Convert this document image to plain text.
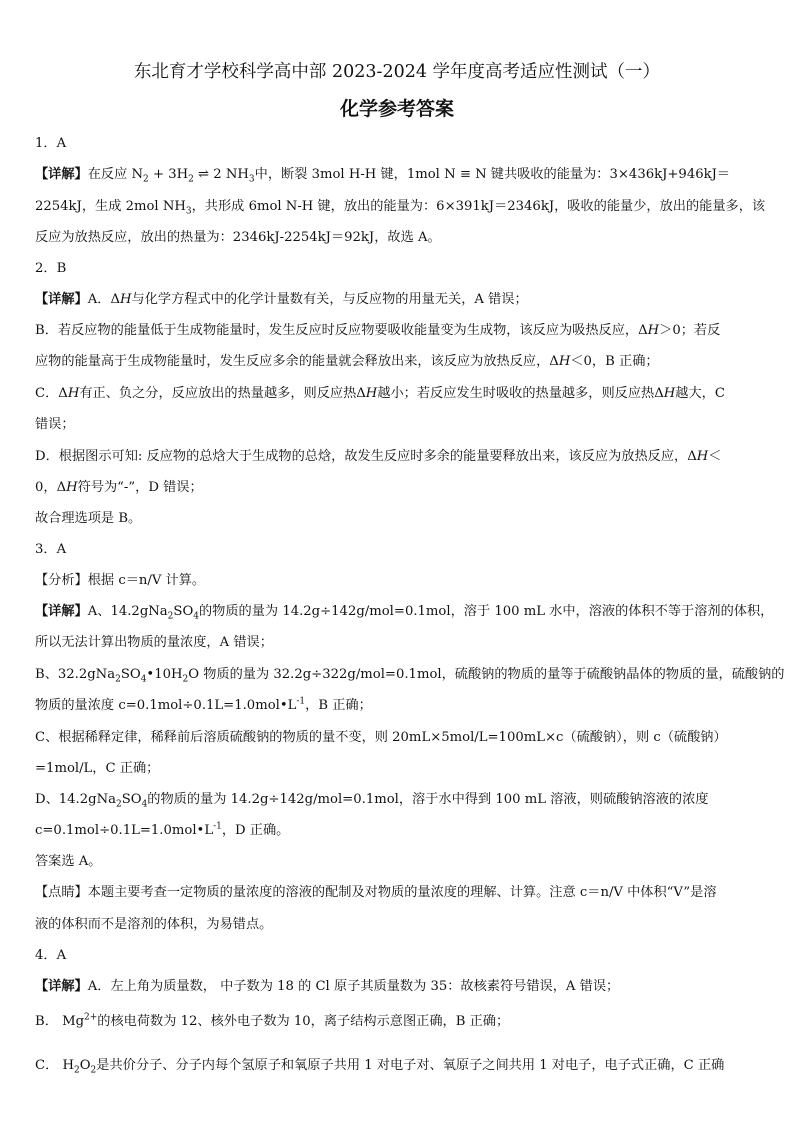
东北育才学校科学高中部 2023-2024 学年度高考适应性测试（一）
化学参考答案
1．A
【详解】在反应 $N_2 + 3H_2$ ⇌ 2 $NH_3$中，断裂 3mol H-H 键，1mol N ≡ N 键共吸收的能量为：3×436kJ+946kJ＝
2254kJ，生成 2mol $NH_3$，共形成 6mol N-H 键，放出的能量为：6×391kJ＝2346kJ，吸收的能量少，放出的能量多，该
反应为放热反应，放出的热量为：2346kJ-2254kJ＝92kJ，故选 A。
2．B
【详解】A．ΔH与化学方程式中的化学计量数有关，与反应物的用量无关，A 错误；
B．若反应物的能量低于生成物能量时，发生反应时反应物要吸收能量变为生成物，该反应为吸热反应，ΔH＞0；若反
应物的能量高于生成物能量时，发生反应多余的能量就会释放出来，该反应为放热反应，ΔH＜0，B 正确；
C．ΔH有正、负之分，反应放出的热量越多，则反应热ΔH越小；若反应发生时吸收的热量越多，则反应热ΔH越大，C
错误；
D．根据图示可知: 反应物的总焓大于生成物的总焓，故发生反应时多余的能量要释放出来，该反应为放热反应，ΔH＜
0，ΔH符号为“-”，D 错误；
故合理选项是 B。
3．A
【分析】根据 c＝n/V 计算。
【详解】A、$14.2gNa_2SO_4$的物质的量为 14.2g÷142g/mol=0.1mol，溶于 100 mL 水中，溶液的体积不等于溶剂的体积，
所以无法计算出物质的量浓度，A 错误；
B、$32.2gNa_2SO_4•10H_2O$ 物质的量为 32.2g÷322g/mol=0.1mol，硫酸钠的物质的量等于硫酸钠晶体的物质的量，硫酸钠的
物质的量浓度 $c=0.1mol\div 0.1L=1.0mol•L^{-1}$，B 正确；
C、根据稀释定律，稀释前后溶质硫酸钠的物质的量不变，则 20mL×5mol/L=100mL×c（硫酸钠），则 c（硫酸钠）
=1mol/L，C 正确；
D、$14.2gNa_2SO_4$的物质的量为 14.2g÷142g/mol=0.1mol，溶于水中得到 100 mL 溶液，则硫酸钠溶液的浓度
$c=0.1mol\div 0.1L=1.0mol•L^{-1}$，D 正确。
答案选 A。
【点睛】本题主要考查一定物质的量浓度的溶液的配制及对物质的量浓度的理解、计算。注意 c＝n/V 中体积“V”是溶
液的体积而不是溶剂的体积，为易错点。
4．A
【详解】A．左上角为质量数， 中子数为 18 的 Cl 原子其质量数为 35：故核素符号错误，A 错误；
B． $Mg^{2+}$的核电荷数为 12、核外电子数为 10，离子结构示意图正确，B 正确；
C． $H_2O_2$是共价分子、分子内每个氢原子和氧原子共用 1 对电子对、氧原子之间共用 1 对电子，电子式正确，C 正确
